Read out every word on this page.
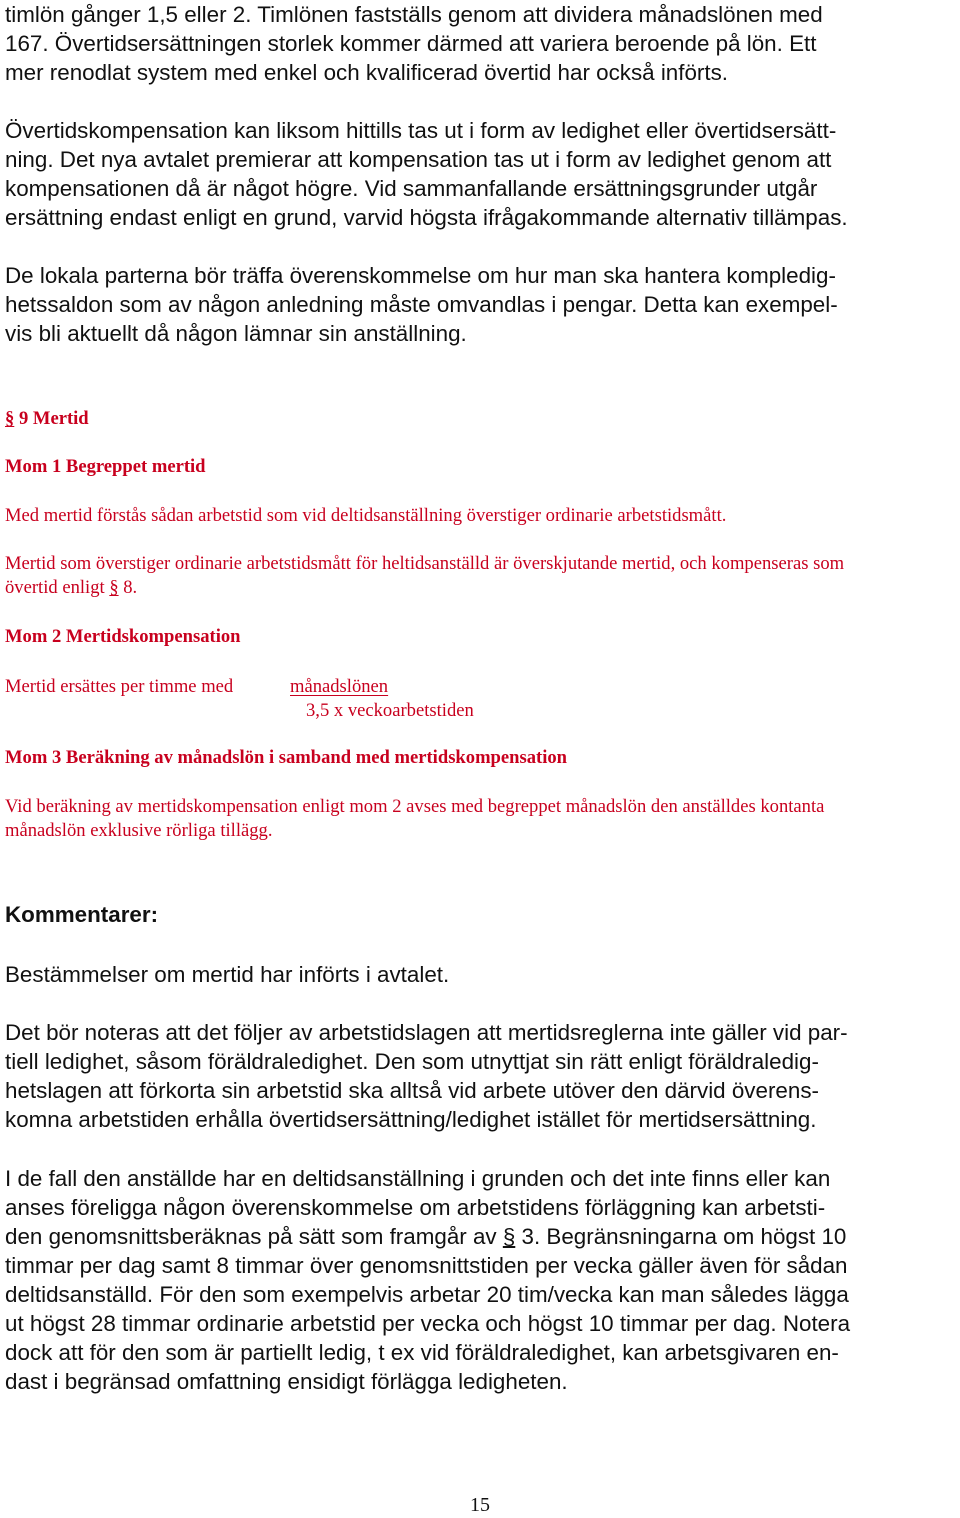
timlön gånger 1,5 eller 2. Timlönen fastställs genom att dividera månadslönen med

167. Övertidsersättningen storlek kommer därmed att variera beroende på lön. Ett

mer renodlat system med enkel och kvalificerad övertid har också införts.

Övertidskompensation kan liksom hittills tas ut i form av ledighet eller övertidsersätt-

ning. Det nya avtalet premierar att kompensation tas ut i form av ledighet genom att

kompensationen då är något högre. Vid sammanfallande ersättningsgrunder utgår

ersättning endast enligt en grund, varvid högsta ifrågakommande alternativ tillämpas.

De lokala parterna bör träffa överenskommelse om hur man ska hantera kompledig-

hetssaldon som av någon anledning måste omvandlas i pengar. Detta kan exempel-

vis bli aktuellt då någon lämnar sin anställning.

§ 9 Mertid

Mom 1 Begreppet mertid

Med mertid förstås sådan arbetstid som vid deltidsanställning överstiger ordinarie arbetstidsmått.

Mertid som överstiger ordinarie arbetstidsmått för heltidsanställd är överskjutande mertid, och kompenseras som

övertid enligt § 8.

Mom 2 Mertidskompensation

Mertid ersättes per timme med	månadslönen
3,5 x veckoarbetstiden

Mom 3 Beräkning av månadslön i samband med mertidskompensation

Vid beräkning av mertidskompensation enligt mom 2 avses med begreppet månadslön den anställdes kontanta

månadslön exklusive rörliga tillägg.

Kommentarer:

Bestämmelser om mertid har införts i avtalet.

Det bör noteras att det följer av arbetstidslagen att mertidsreglerna inte gäller vid par-

tiell ledighet, såsom föräldraledighet. Den som utnyttjat sin rätt enligt föräldraledig-

hetslagen att förkorta sin arbetstid ska alltså vid arbete utöver den därvid överens-

komna arbetstiden erhålla övertidsersättning/ledighet istället för mertidsersättning.

I de fall den anställde har en deltidsanställning i grunden och det inte finns eller kan

anses föreligga någon överenskommelse om arbetstidens förläggning kan arbetsti-

den genomsnittsberäknas på sätt som framgår av § 3. Begränsningarna om högst 10

timmar per dag samt 8 timmar över genomsnittstiden per vecka gäller även för sådan

deltidsanställd. För den som exempelvis arbetar 20 tim/vecka kan man således lägga

ut högst 28 timmar ordinarie arbetstid per vecka och högst 10 timmar per dag. Notera

dock att för den som är partiellt ledig, t ex vid föräldraledighet, kan arbetsgivaren en-

dast i begränsad omfattning ensidigt förlägga ledigheten.

15
